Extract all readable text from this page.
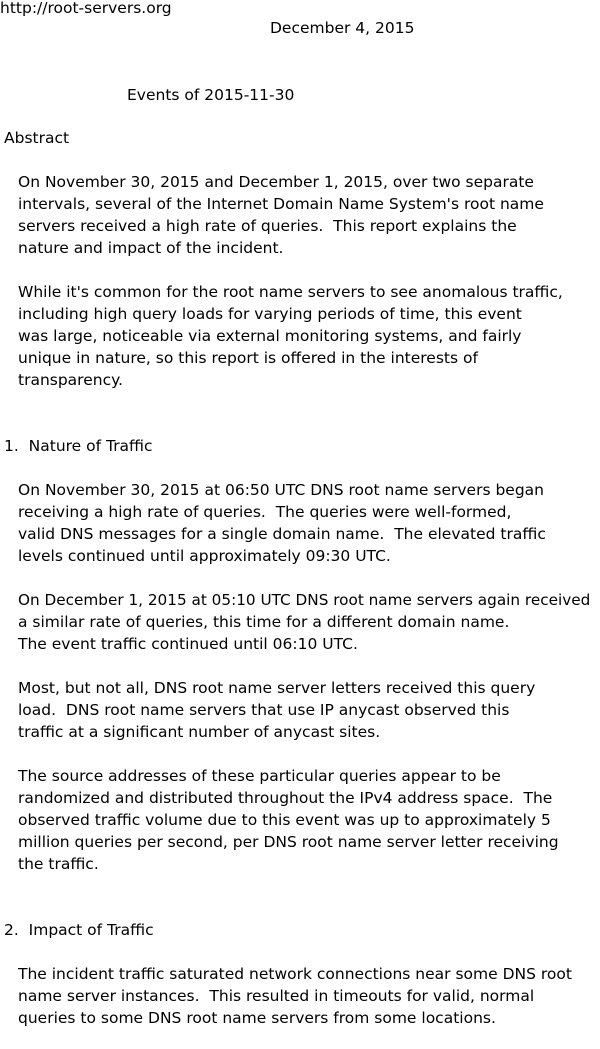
http://root-servers.org
December 4, 2015
Events of 2015-11-30
Abstract
On November 30, 2015 and December 1, 2015, over two separate
intervals, several of the Internet Domain Name System's root name
servers received a high rate of queries.  This report explains the
nature and impact of the incident.
While it's common for the root name servers to see anomalous traffic,
including high query loads for varying periods of time, this event
was large, noticeable via external monitoring systems, and fairly
unique in nature, so this report is offered in the interests of
transparency.
1.  Nature of Traffic
On November 30, 2015 at 06:50 UTC DNS root name servers began
receiving a high rate of queries.  The queries were well-formed,
valid DNS messages for a single domain name.  The elevated traffic
levels continued until approximately 09:30 UTC.
On December 1, 2015 at 05:10 UTC DNS root name servers again received
a similar rate of queries, this time for a different domain name.
The event traffic continued until 06:10 UTC.
Most, but not all, DNS root name server letters received this query
load.  DNS root name servers that use IP anycast observed this
traffic at a significant number of anycast sites.
The source addresses of these particular queries appear to be
randomized and distributed throughout the IPv4 address space.  The
observed traffic volume due to this event was up to approximately 5
million queries per second, per DNS root name server letter receiving
the traffic.
2.  Impact of Traffic
The incident traffic saturated network connections near some DNS root
name server instances.  This resulted in timeouts for valid, normal
queries to some DNS root name servers from some locations.
